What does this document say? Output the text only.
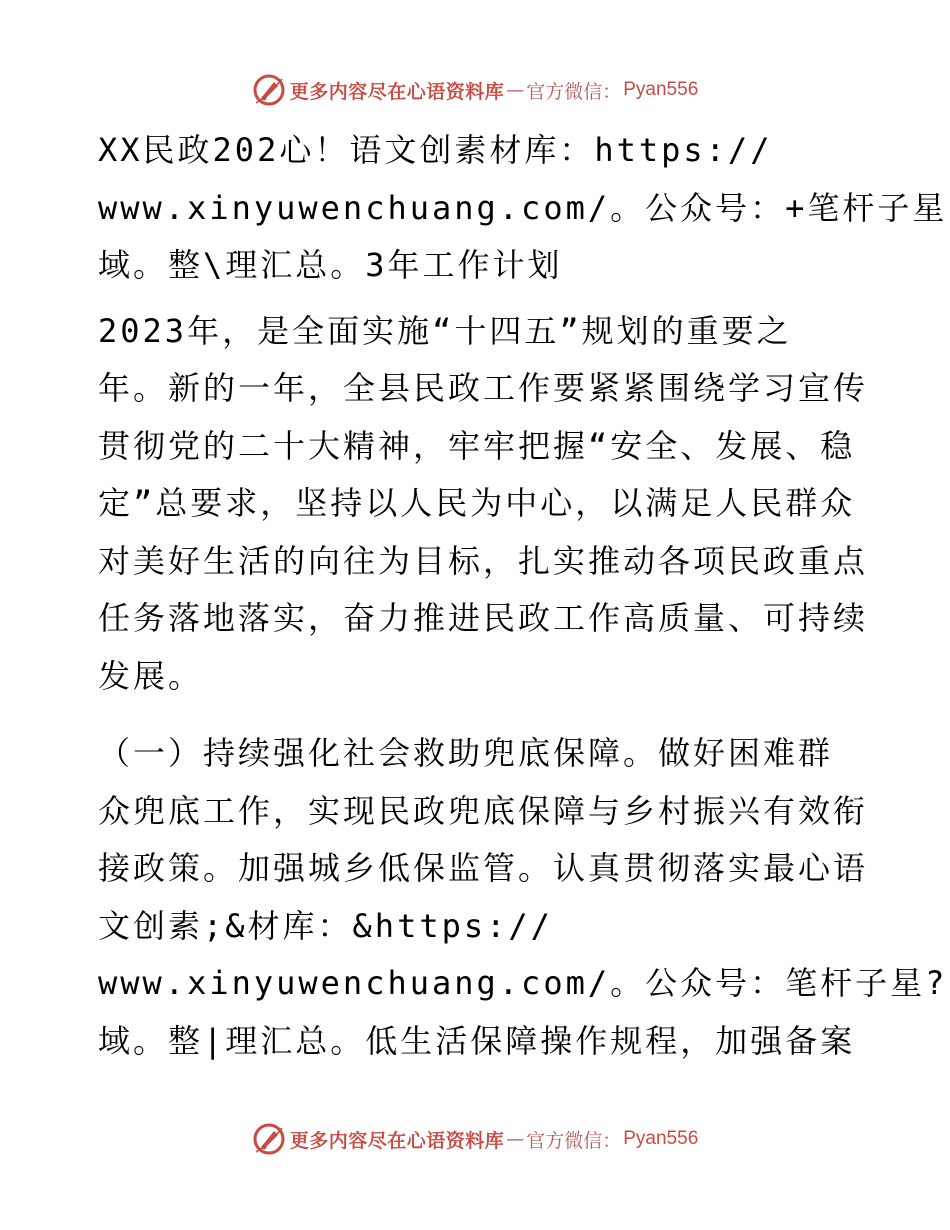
更多内容尽在心语资料库 — 官方微信： Pyan556

XX民政202心！语文创素材库：https://
www.xinyuwenchuang.com/。公众号：+笔杆子星
域。整\理汇总。3年工作计划

2023年，是全面实施“十四五”规划的重要之
年。新的一年，全县民政工作要紧紧围绕学习宣传
贯彻党的二十大精神，牢牢把握“安全、发展、稳
定”总要求，坚持以人民为中心，以满足人民群众
对美好生活的向往为目标，扎实推动各项民政重点
任务落地落实，奋力推进民政工作高质量、可持续
发展。

（一）持续强化社会救助兜底保障。做好困难群
众兜底工作，实现民政兜底保障与乡村振兴有效衔
接政策。加强城乡低保监管。认真贯彻落实最心语
文创素;&材库：&https://
www.xinyuwenchuang.com/。公众号：笔杆子星?
域。整|理汇总。低生活保障操作规程，加强备案

更多内容尽在心语资料库 — 官方微信： Pyan556
